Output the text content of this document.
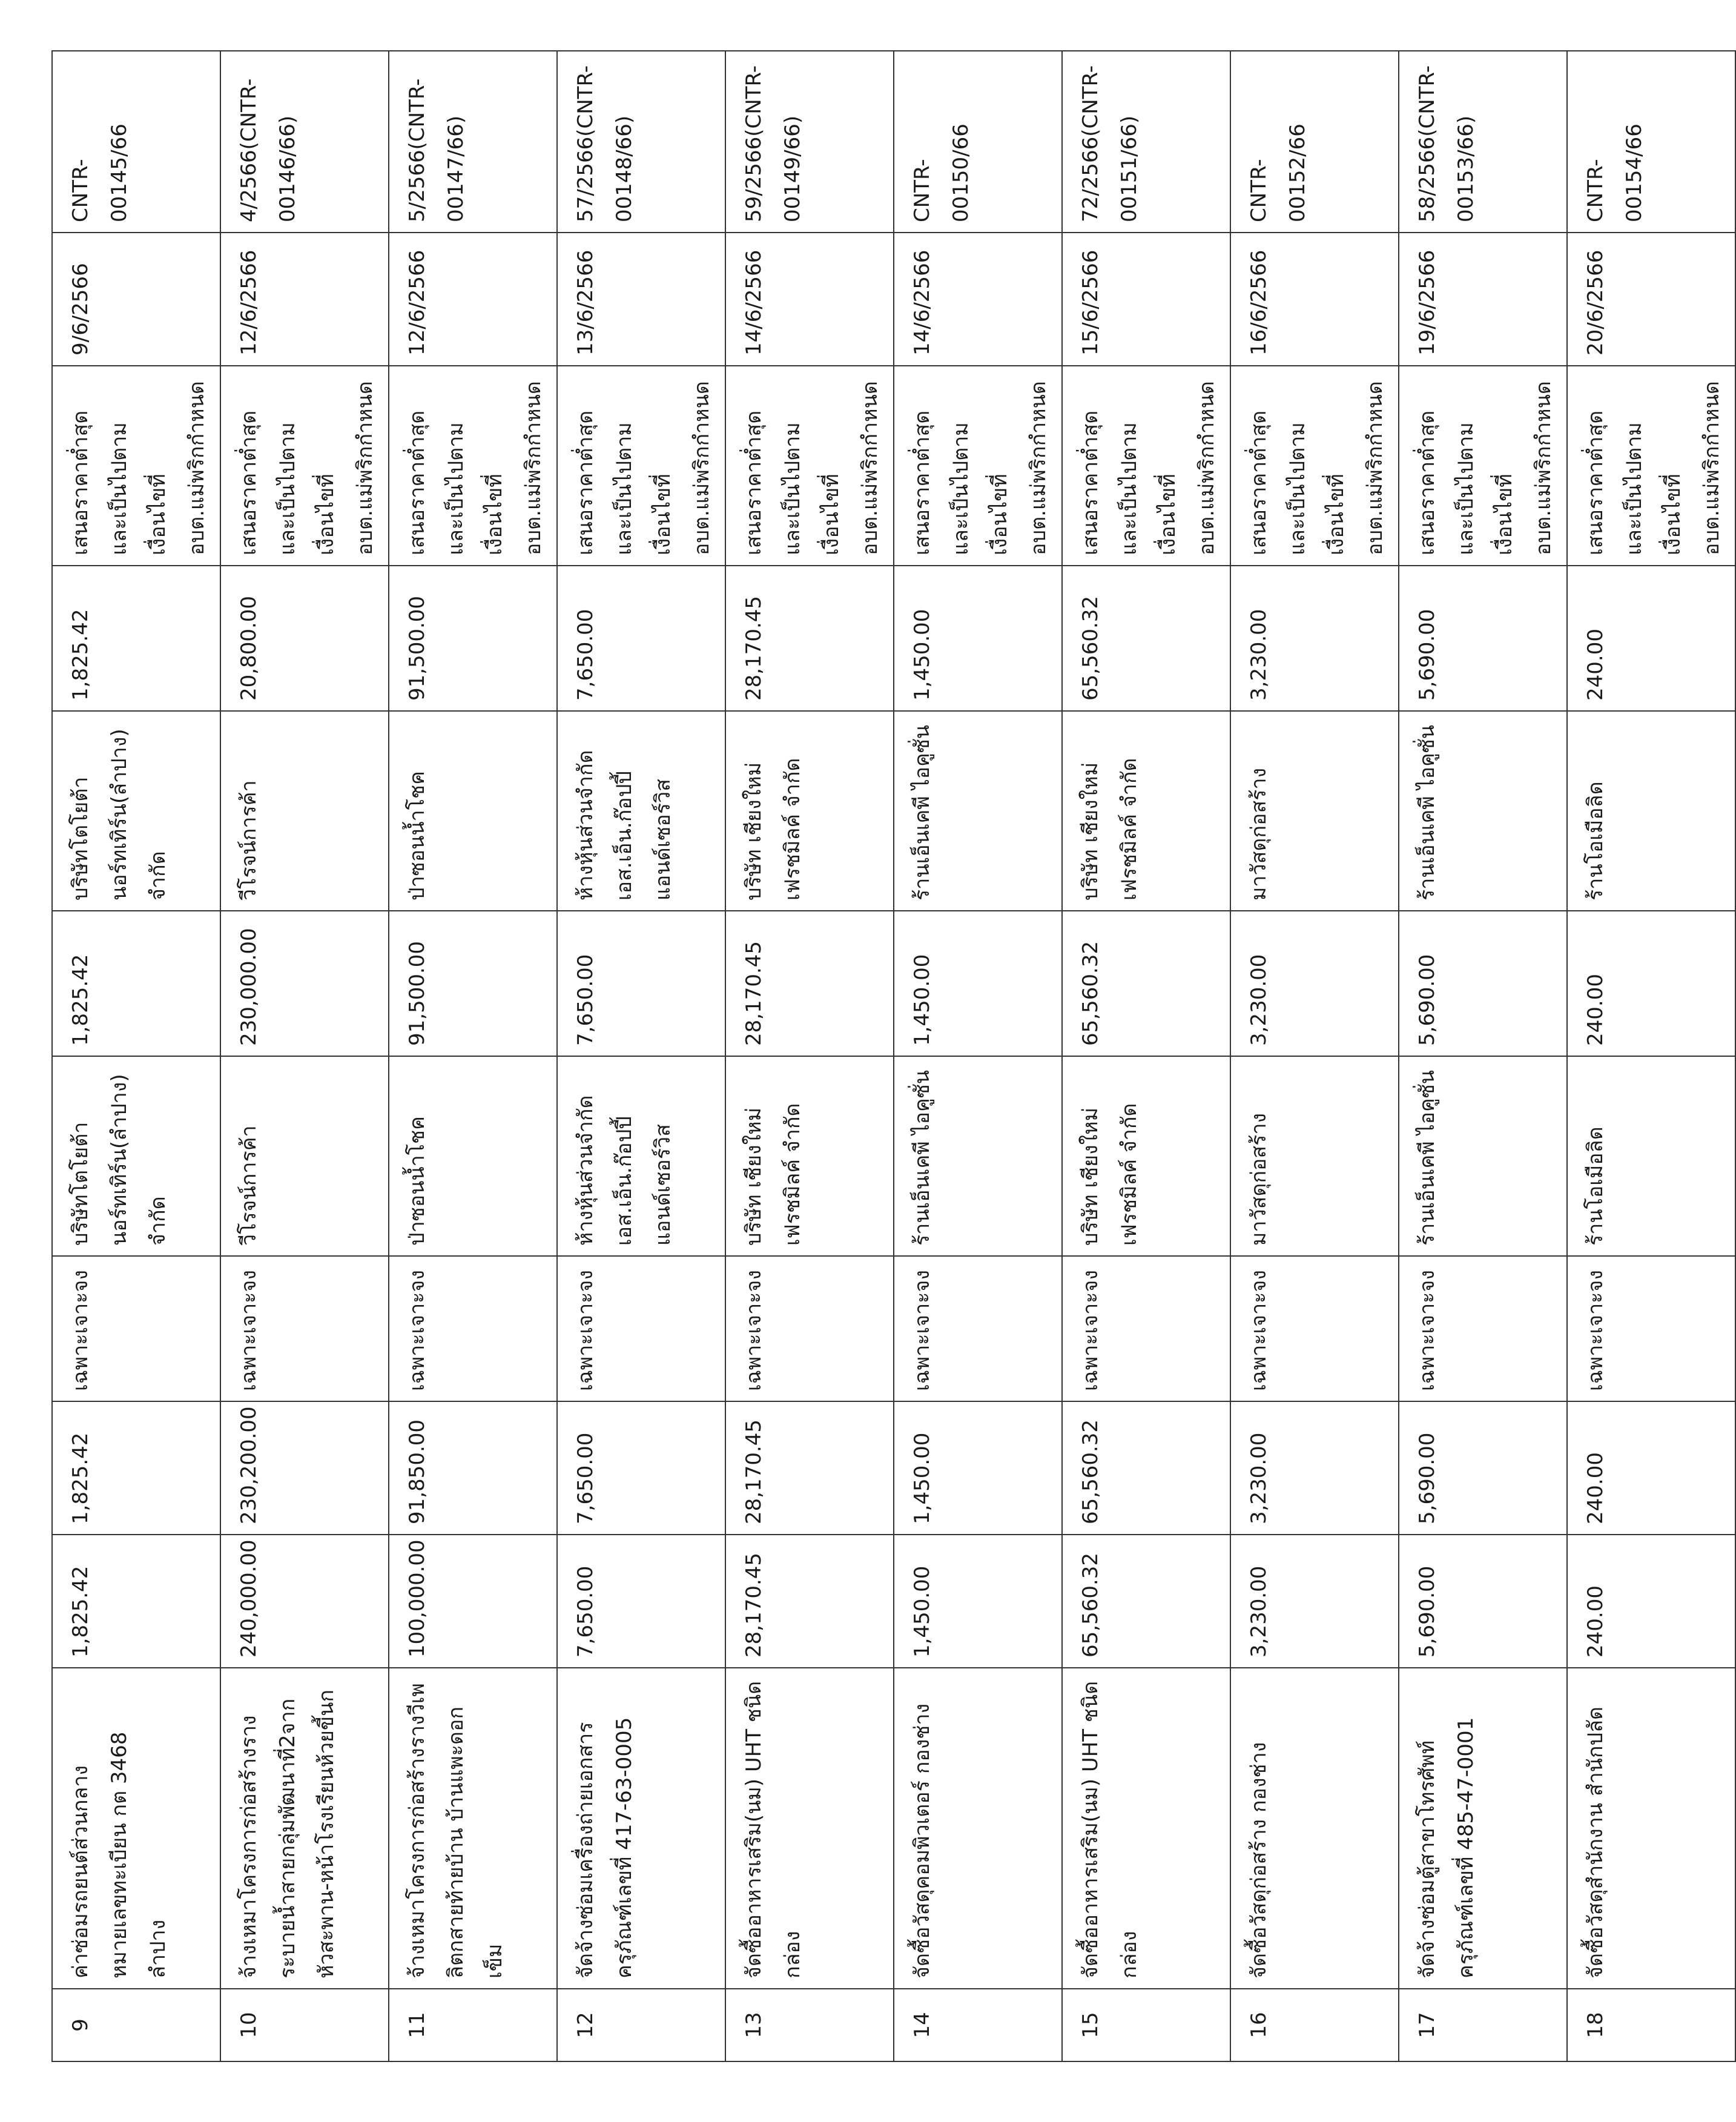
9	ค่าซ่อมรถยนต์ส่วนกลาง หมายเลขทะเบียน กต 3468 ลำปาง	1,825.42	1,825.42	เฉพาะเจาะจง	บริษัทโตโยต้า นอร์ทเทิร์น(ลำปาง) จำกัด	1,825.42	บริษัทโตโยต้า นอร์ทเทิร์น(ลำปาง) จำกัด	1,825.42	เสนอราคาต่ำสุดและเป็นไปตามเงื่อนไขที่ อบต.แม่พริกกำหนด	9/6/2566	CNTR-00145/66
10	จ้างเหมาโครงการก่อสร้างรางระบายน้ำสายกลุ่มพัฒนาที่2จากหัวสะพาน-หน้าโรงเรียนห้วยขี้นก	240,000.00	230,200.00	เฉพาะเจาะจง	วีโรจน์การค้า	230,000.00	วีโรจน์การค้า	20,800.00	เสนอราคาต่ำสุดและเป็นไปตามเงื่อนไขที่ อบต.แม่พริกกำหนด	12/6/2566	4/2566(CNTR-00146/66)
11	จ้างเหมาโครงการก่อสร้างรางวีเพลิตกสายท้ายบ้าน บ้านแพะดอกเข็ม	100,000.00	91,850.00	เฉพาะเจาะจง	ป่าซอนน้ำโชค	91,500.00	ป่าซอนน้ำโชค	91,500.00	เสนอราคาต่ำสุดและเป็นไปตามเงื่อนไขที่ อบต.แม่พริกกำหนด	12/6/2566	5/2566(CNTR-00147/66)
12	จัดจ้างซ่อมเครื่องถ่ายเอกสาร ครุภัณฑ์เลขที่ 417-63-0005	7,650.00	7,650.00	เฉพาะเจาะจง	ห้างหุ้นส่วนจำกัด เอส.เอ็น.ก๊อปปี้ แอนด์เซอร์วิส	7,650.00	ห้างหุ้นส่วนจำกัด เอส.เอ็น.ก๊อปปี้ แอนด์เซอร์วิส	7,650.00	เสนอราคาต่ำสุดและเป็นไปตามเงื่อนไขที่ อบต.แม่พริกกำหนด	13/6/2566	57/2566(CNTR-00148/66)
13	จัดซื้ออาหารเสริม(นม) UHT ชนิดกล่อง	28,170.45	28,170.45	เฉพาะเจาะจง	บริษัท เชียงใหม่เฟรชมิลค์ จำกัด	28,170.45	บริษัท เชียงใหม่เฟรชมิลค์ จำกัด	28,170.45	เสนอราคาต่ำสุดและเป็นไปตามเงื่อนไขที่ อบต.แม่พริกกำหนด	14/6/2566	59/2566(CNTR-00149/66)
14	จัดซื้อวัสดุคอมพิวเตอร์ กองช่าง	1,450.00	1,450.00	เฉพาะเจาะจง	ร้านเอ็นเคพี ไอคูซั่น	1,450.00	ร้านเอ็นเคพี ไอคูซั่น	1,450.00	เสนอราคาต่ำสุดและเป็นไปตามเงื่อนไขที่ อบต.แม่พริกกำหนด	14/6/2566	CNTR-00150/66
15	จัดซื้ออาหารเสริม(นม) UHT ชนิดกล่อง	65,560.32	65,560.32	เฉพาะเจาะจง	บริษัท เชียงใหม่เฟรชมิลค์ จำกัด	65,560.32	บริษัท เชียงใหม่เฟรชมิลค์ จำกัด	65,560.32	เสนอราคาต่ำสุดและเป็นไปตามเงื่อนไขที่ อบต.แม่พริกกำหนด	15/6/2566	72/2566(CNTR-00151/66)
16	จัดซื้อวัสดุก่อสร้าง กองช่าง	3,230.00	3,230.00	เฉพาะเจาะจง	มาวัสดุก่อสร้าง	3,230.00	มาวัสดุก่อสร้าง	3,230.00	เสนอราคาต่ำสุดและเป็นไปตามเงื่อนไขที่ อบต.แม่พริกกำหนด	16/6/2566	CNTR-00152/66
17	จัดจ้างซ่อมตู้สาขาโทรศัพท์ ครุภัณฑ์เลขที่ 485-47-0001	5,690.00	5,690.00	เฉพาะเจาะจง	ร้านเอ็นเคพี ไอคูซั่น	5,690.00	ร้านเอ็นเคพี ไอคูซั่น	5,690.00	เสนอราคาต่ำสุดและเป็นไปตามเงื่อนไขที่ อบต.แม่พริกกำหนด	19/6/2566	58/2566(CNTR-00153/66)
18	จัดซื้อวัสดุสำนักงาน สำนักปลัด	240.00	240.00	เฉพาะเจาะจง	ร้านโอเมือลิด	240.00	ร้านโอเมือลิด	240.00	เสนอราคาต่ำสุดและเป็นไปตามเงื่อนไขที่ อบต.แม่พริกกำหนด	20/6/2566	CNTR-00154/66
